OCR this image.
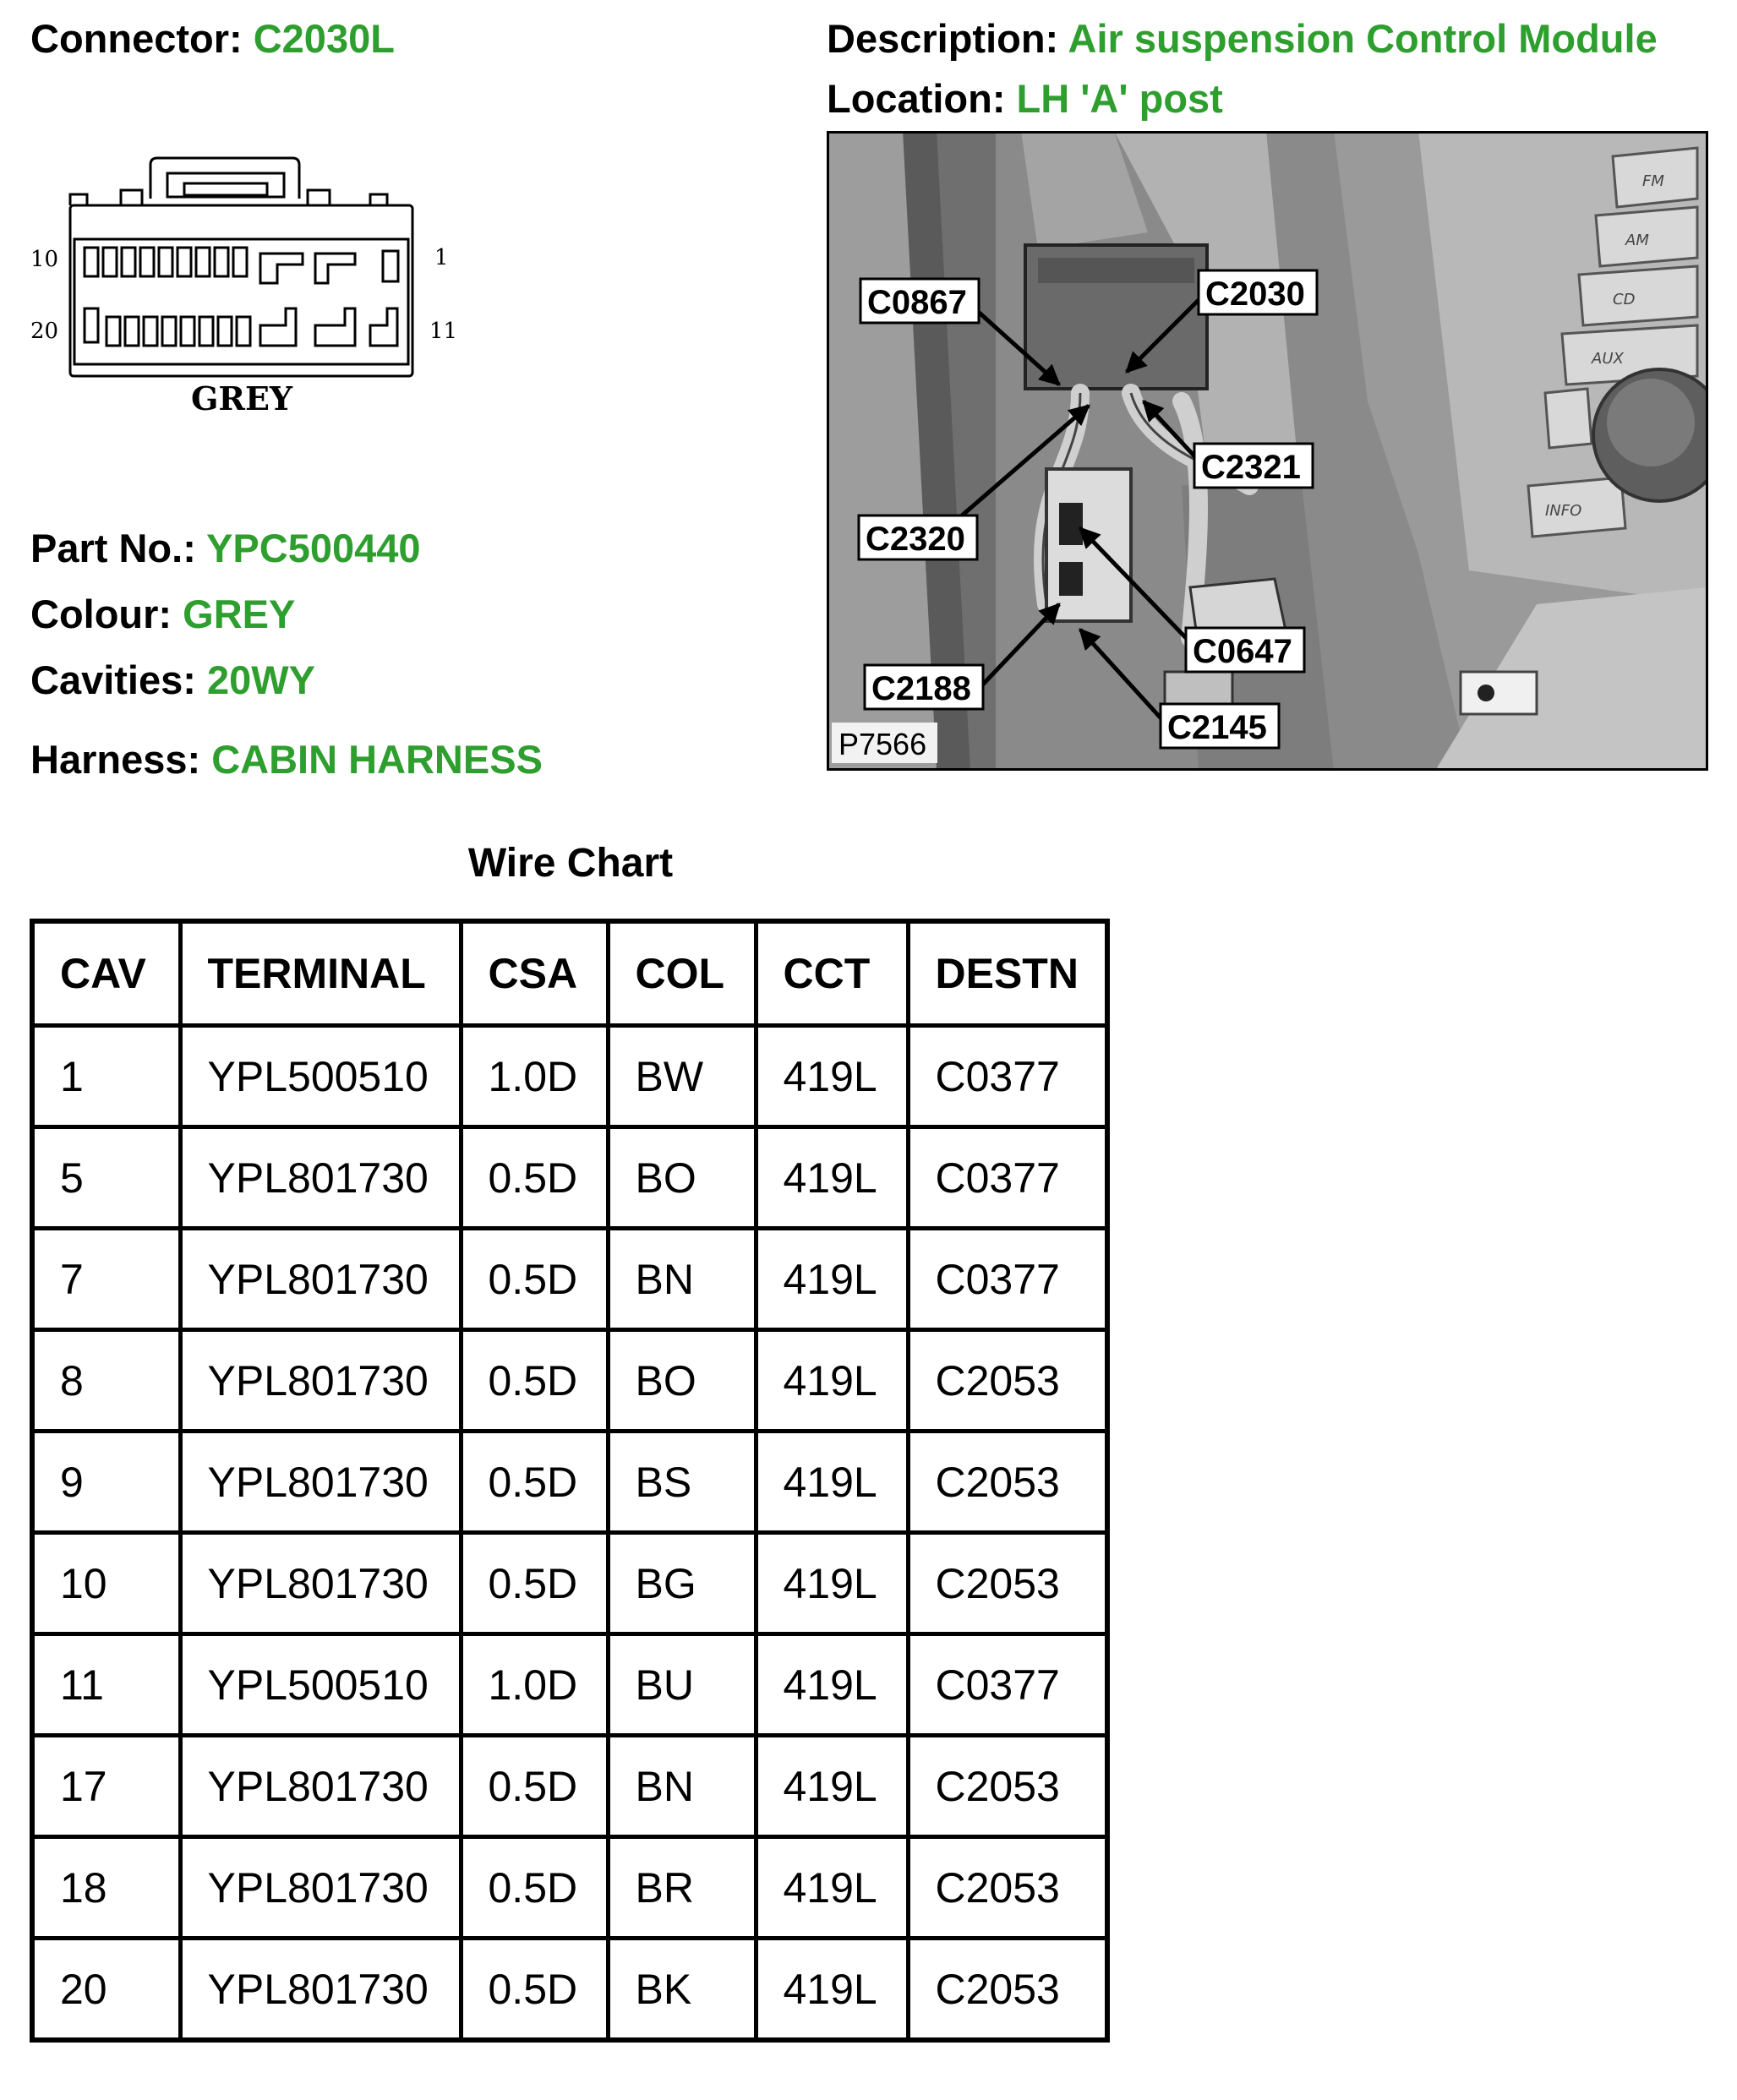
Connector: C2030L	Description: Air suspension Control Module
Location: LH 'A' post
10	1
20	11
GREY
Part No.: YPC500440
Colour: GREY
Cavities: 20WY
Harness: CABIN HARNESS
FM
AM
CD
AUX
INFO
C0867	C2030
C2321
C2320
C0647
C2188
C2145
P7566
Wire Chart
CAV	TERMINAL	CSA	COL	CCT	DESTN
1	YPL500510	1.0D	BW	419L	C0377
5	YPL801730	0.5D	BO	419L	C0377
7	YPL801730	0.5D	BN	419L	C0377
8	YPL801730	0.5D	BO	419L	C2053
9	YPL801730	0.5D	BS	419L	C2053
10	YPL801730	0.5D	BG	419L	C2053
11	YPL500510	1.0D	BU	419L	C0377
17	YPL801730	0.5D	BN	419L	C2053
18	YPL801730	0.5D	BR	419L	C2053
20	YPL801730	0.5D	BK	419L	C2053
